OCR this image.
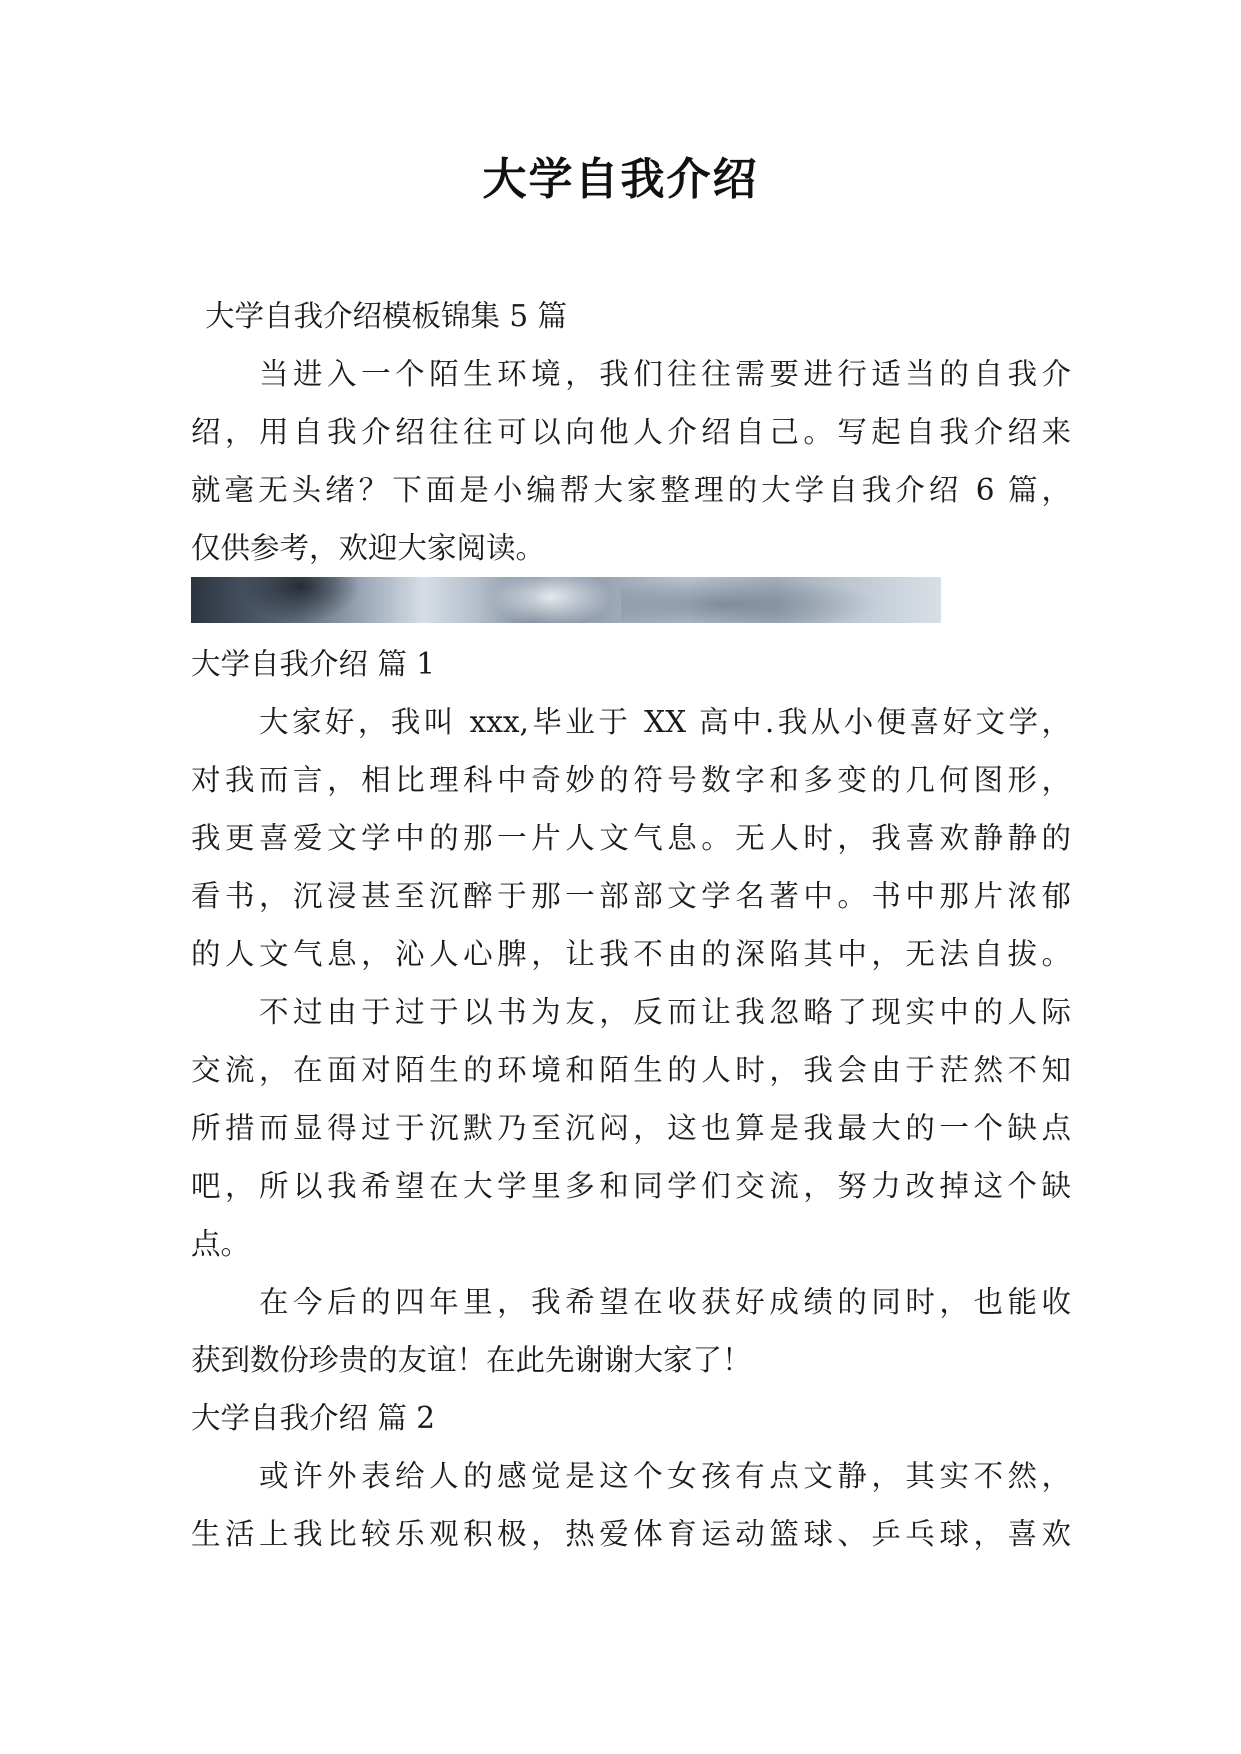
大学自我介绍
大学自我介绍模板锦集 5 篇
当进入一个陌生环境，我们往往需要进行适当的自我介
绍，用自我介绍往往可以向他人介绍自己。写起自我介绍来
就毫无头绪？下面是小编帮大家整理的大学自我介绍 6 篇，
仅供参考，欢迎大家阅读。
大学自我介绍 篇 1
大家好，我叫 xxx,毕业于 XX 高中.我从小便喜好文学，
对我而言，相比理科中奇妙的符号数字和多变的几何图形，
我更喜爱文学中的那一片人文气息。无人时，我喜欢静静的
看书，沉浸甚至沉醉于那一部部文学名著中。书中那片浓郁
的人文气息，沁人心脾，让我不由的深陷其中，无法自拔。
不过由于过于以书为友，反而让我忽略了现实中的人际
交流，在面对陌生的环境和陌生的人时，我会由于茫然不知
所措而显得过于沉默乃至沉闷，这也算是我最大的一个缺点
吧，所以我希望在大学里多和同学们交流，努力改掉这个缺
点。
在今后的四年里，我希望在收获好成绩的同时，也能收
获到数份珍贵的友谊！在此先谢谢大家了！
大学自我介绍 篇 2
或许外表给人的感觉是这个女孩有点文静，其实不然，
生活上我比较乐观积极，热爱体育运动篮球、乒乓球，喜欢
